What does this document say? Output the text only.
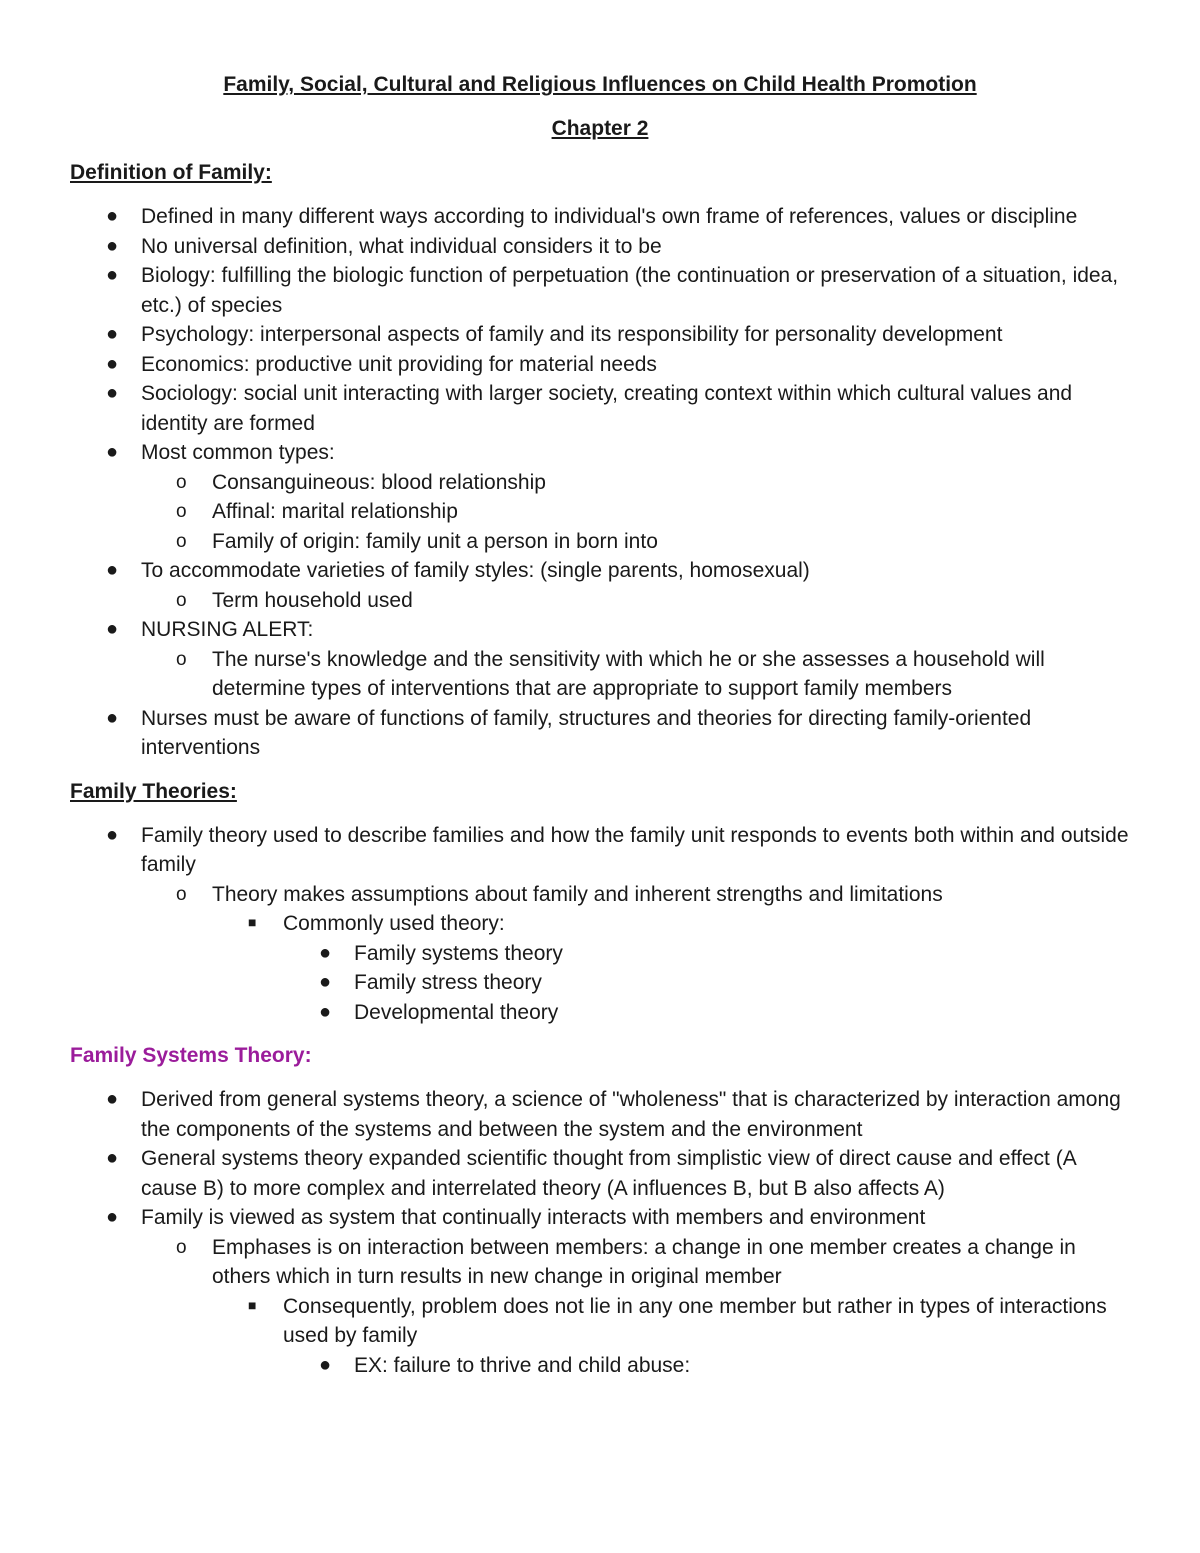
Family, Social, Cultural and Religious Influences on Child Health Promotion
Chapter 2
Definition of Family:
● Defined in many different ways according to individual's own frame of references, values or discipline
● No universal definition, what individual considers it to be
● Biology: fulfilling the biologic function of perpetuation (the continuation or preservation of a situation, idea, etc.) of species
● Psychology: interpersonal aspects of family and its responsibility for personality development
● Economics: productive unit providing for material needs
● Sociology: social unit interacting with larger society, creating context within which cultural values and identity are formed
● Most common types:
o Consanguineous: blood relationship
o Affinal: marital relationship
o Family of origin: family unit a person in born into
● To accommodate varieties of family styles: (single parents, homosexual)
o Term household used
● NURSING ALERT:
o The nurse's knowledge and the sensitivity with which he or she assesses a household will determine types of interventions that are appropriate to support family members
● Nurses must be aware of functions of family, structures and theories for directing family-oriented interventions
Family Theories:
● Family theory used to describe families and how the family unit responds to events both within and outside family
o Theory makes assumptions about family and inherent strengths and limitations
■ Commonly used theory:
● Family systems theory
● Family stress theory
● Developmental theory
Family Systems Theory:
● Derived from general systems theory, a science of "wholeness" that is characterized by interaction among the components of the systems and between the system and the environment
● General systems theory expanded scientific thought from simplistic view of direct cause and effect (A cause B) to more complex and interrelated theory (A influences B, but B also affects A)
● Family is viewed as system that continually interacts with members and environment
o Emphases is on interaction between members: a change in one member creates a change in others which in turn results in new change in original member
■ Consequently, problem does not lie in any one member but rather in types of interactions used by family
● EX: failure to thrive and child abuse:
